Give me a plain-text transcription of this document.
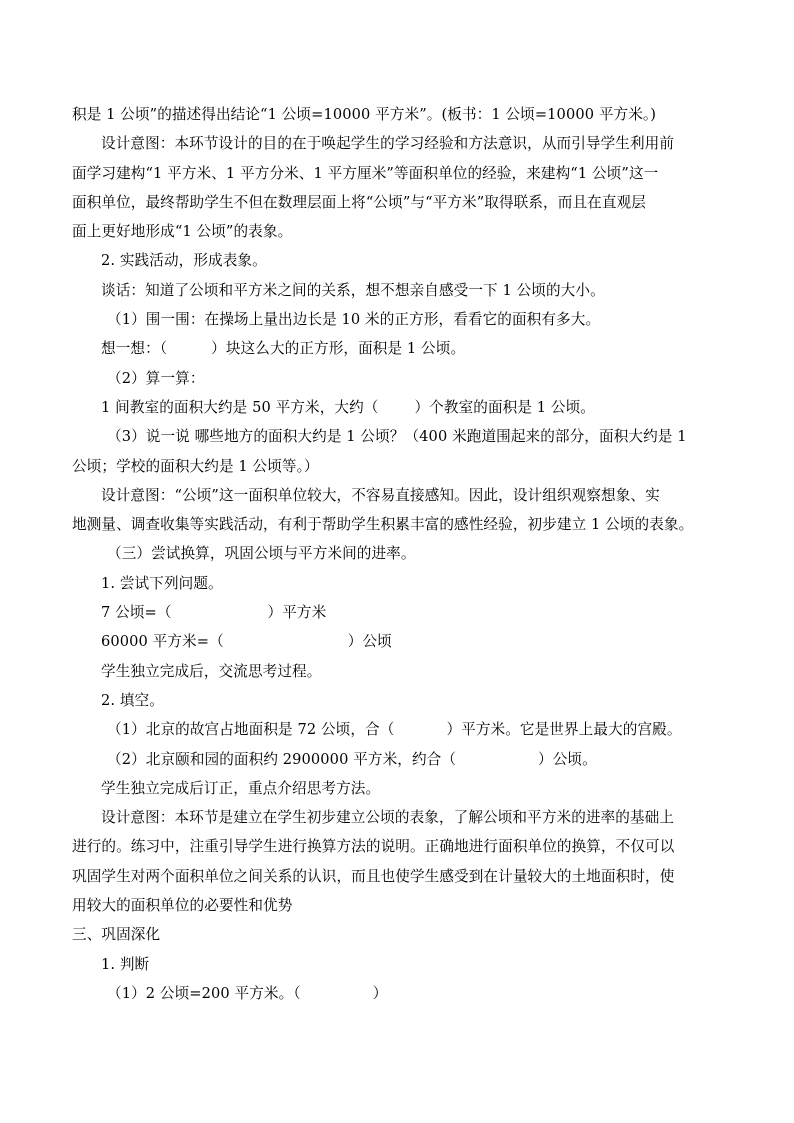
积是 1 公顷”的描述得出结论“1 公顷=10000 平方米”。(板书：1 公顷=10000 平方米。)
设计意图：本环节设计的目的在于唤起学生的学习经验和方法意识，从而引导学生利用前
面学习建构“1 平方米、1 平方分米、1 平方厘米”等面积单位的经验，来建构“1 公顷”这一
面积单位，最终帮助学生不但在数理层面上将“公顷”与“平方米”取得联系，而且在直观层
面上更好地形成“1 公顷”的表象。
2. 实践活动，形成表象。
谈话：知道了公顷和平方米之间的关系，想不想亲自感受一下 1 公顷的大小。
（1）围一围：在操场上量出边长是 10 米的正方形，看看它的面积有多大。
想一想：（	）块这么大的正方形，面积是 1 公顷。
（2）算一算：
1 间教室的面积大约是 50 平方米，大约（ ）个教室的面积是 1 公顷。
（3）说一说 哪些地方的面积大约是 1 公顷？（400 米跑道围起来的部分，面积大约是 1
公顷；学校的面积大约是 1 公顷等。）
设计意图：“公顷”这一面积单位较大，不容易直接感知。因此，设计组织观察想象、实
地测量、调查收集等实践活动，有利于帮助学生积累丰富的感性经验，初步建立 1 公顷的表象。
（三）尝试换算，巩固公顷与平方米间的进率。
1. 尝试下列问题。
7 公顷=（	）平方米
60000 平方米=（	）公顷
学生独立完成后，交流思考过程。
2. 填空。
（1）北京的故宫占地面积是 72 公顷，合（	）平方米。它是世界上最大的宫殿。
（2）北京颐和园的面积约 2900000 平方米，约合（	）公顷。
学生独立完成后订正，重点介绍思考方法。
设计意图：本环节是建立在学生初步建立公顷的表象，了解公顷和平方米的进率的基础上
进行的。练习中，注重引导学生进行换算方法的说明。正确地进行面积单位的换算，不仅可以
巩固学生对两个面积单位之间关系的认识，而且也使学生感受到在计量较大的土地面积时，使
用较大的面积单位的必要性和优势
三、巩固深化
1. 判断
（1）2 公顷=200 平方米。（	）
